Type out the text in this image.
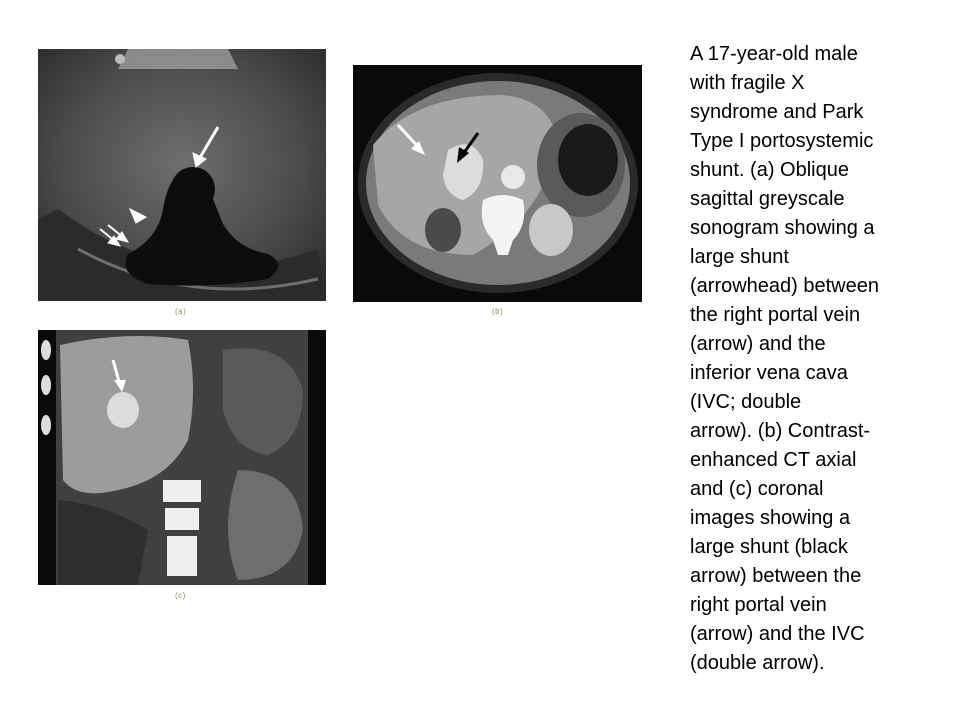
(a)	(b)
(c)

A 17-year-old male
with fragile X
syndrome and Park
Type I portosystemic
shunt. (a) Oblique
sagittal greyscale
sonogram showing a
large shunt
(arrowhead) between
the right portal vein
(arrow) and the
inferior vena cava
(IVC; double
arrow). (b) Contrast-
enhanced CT axial
and (c) coronal
images showing a
large shunt (black
arrow) between the
right portal vein
(arrow) and the IVC
(double arrow).
